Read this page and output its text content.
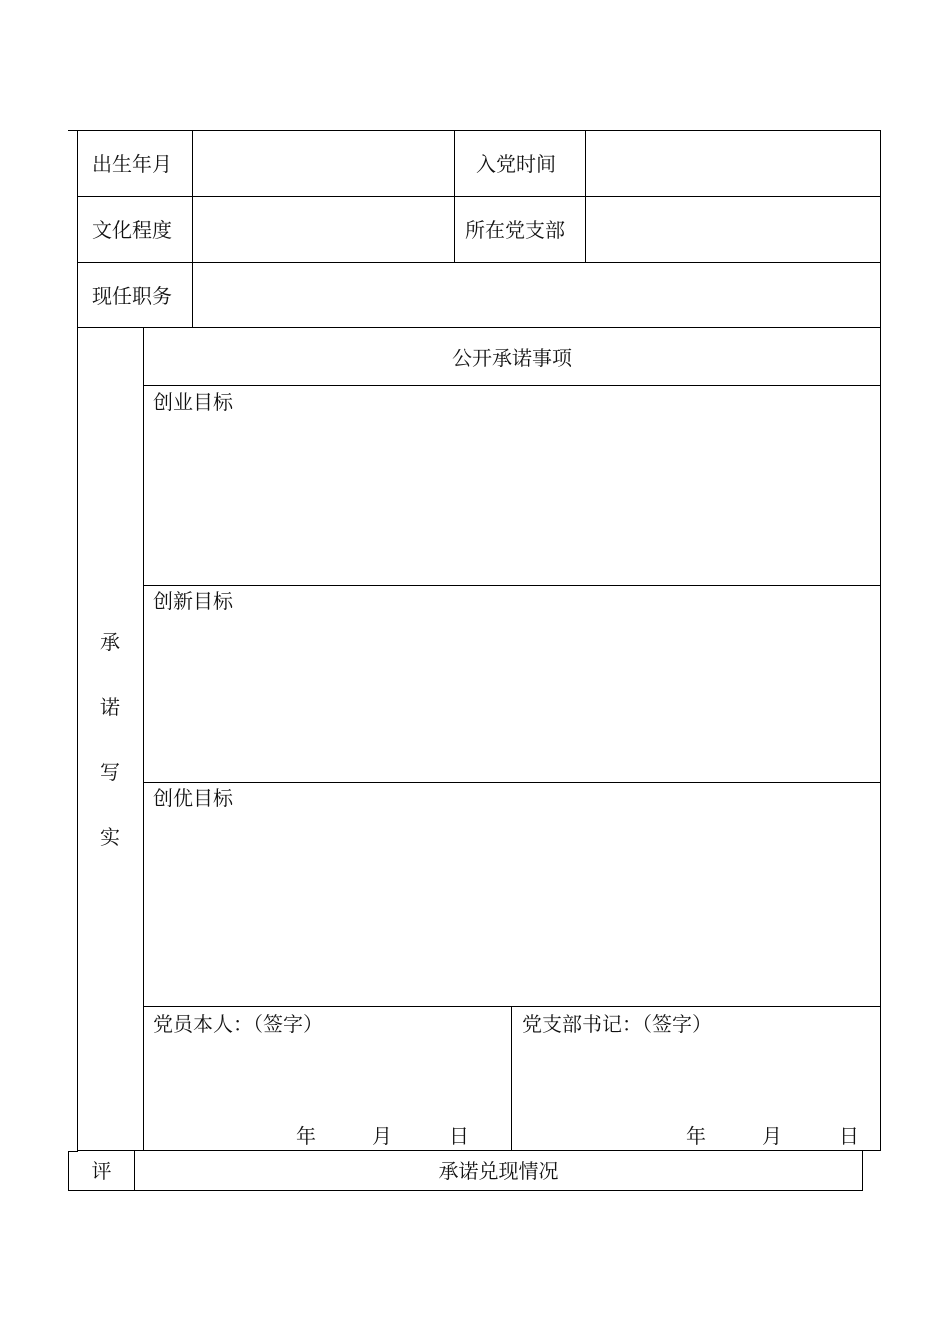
出生年月	入党时间
文化程度	所在党支部
现任职务
承
诺
写
实
公开承诺事项
创业目标
创新目标
创优目标
党员本人：（签字）
年	月	日
党支部书记：（签字）
年	月	日
评	承诺兑现情况
